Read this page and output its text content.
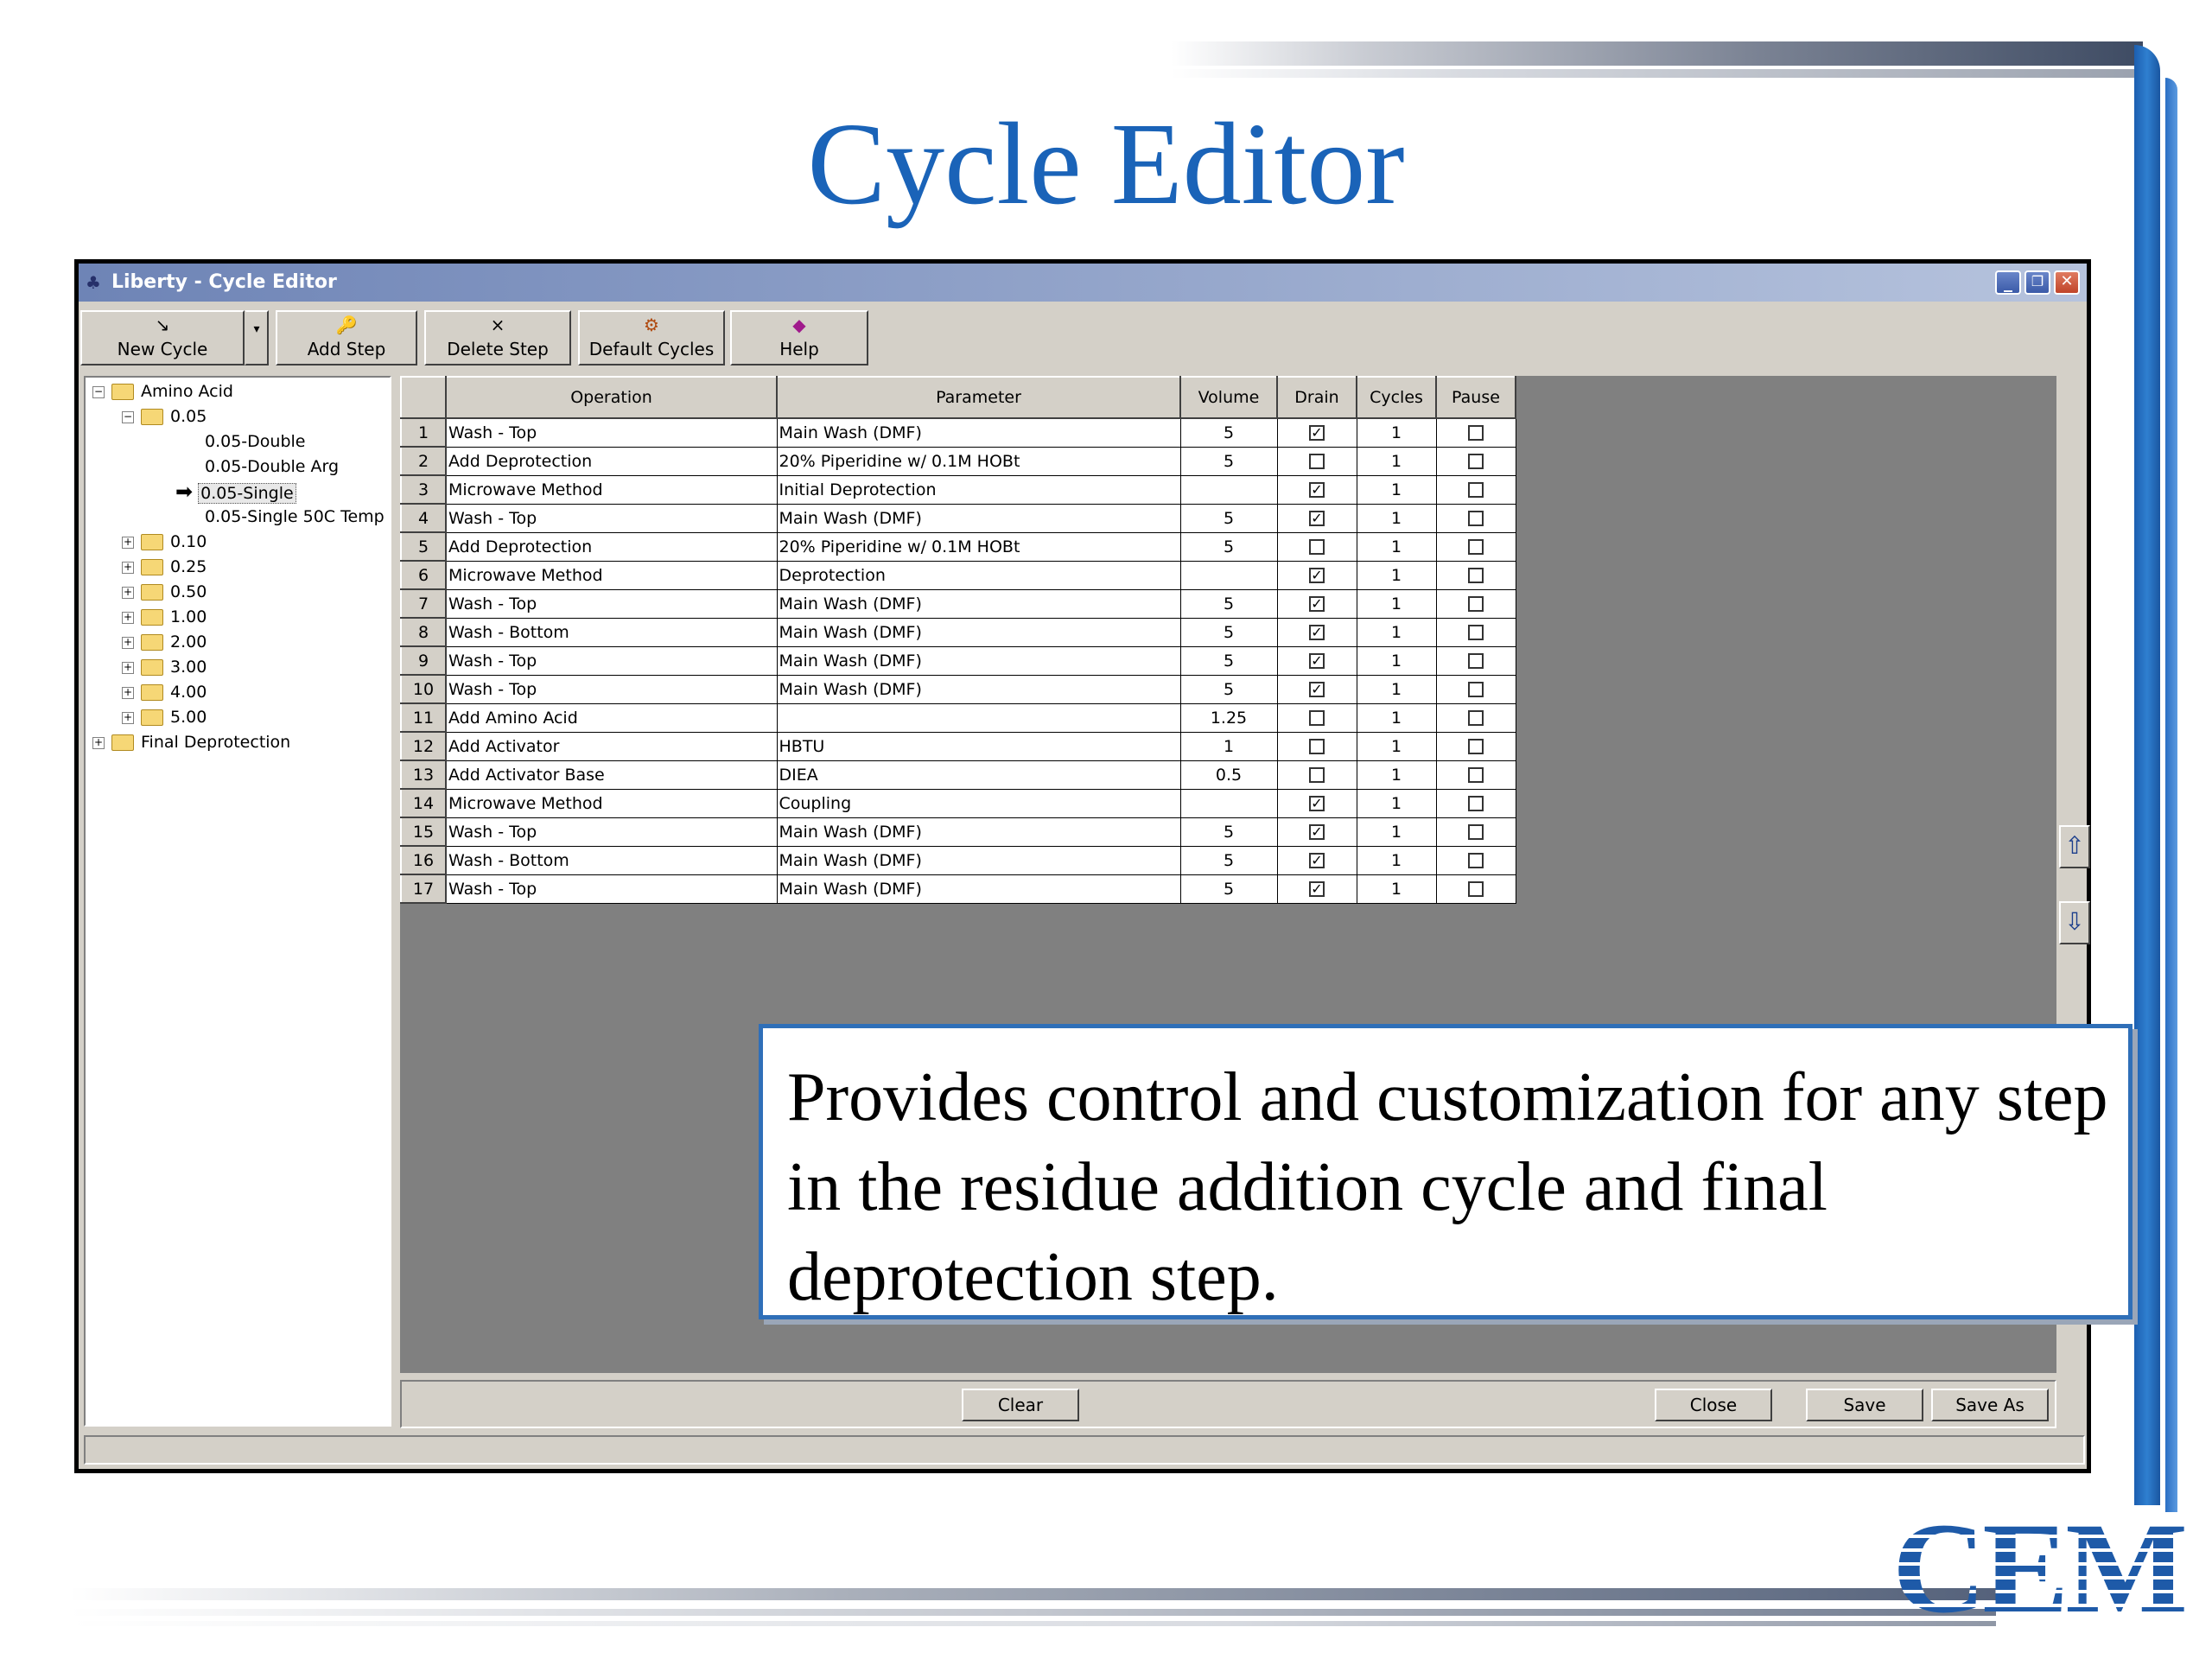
Cycle Editor
♣ Liberty - Cycle Editor	_	❐	✕
↘
New Cycle
▾	🔑
Add Step
×
Delete Step
⚙
Default Cycles
◆
Help
− Amino Acid
− 0.05
0.05-Double
0.05-Double Arg
➡ 0.05-Single
0.05-Single 50C Temp
+ 0.10
+ 0.25
+ 0.50
+ 1.00
+ 2.00
+ 3.00
+ 4.00
+ 5.00
+ Final Deprotection
	Operation	Parameter	Volume	Drain	Cycles	Pause
1	Wash - Top	Main Wash (DMF)	5	✓	1	
2	Add Deprotection	20% Piperidine w/ 0.1M HOBt	5		1	
3	Microwave Method	Initial Deprotection		✓	1	
4	Wash - Top	Main Wash (DMF)	5	✓	1	
5	Add Deprotection	20% Piperidine w/ 0.1M HOBt	5		1	
6	Microwave Method	Deprotection		✓	1	
7	Wash - Top	Main Wash (DMF)	5	✓	1	
8	Wash - Bottom	Main Wash (DMF)	5	✓	1	
9	Wash - Top	Main Wash (DMF)	5	✓	1	
10	Wash - Top	Main Wash (DMF)	5	✓	1	
11	Add Amino Acid		1.25		1	
12	Add Activator	HBTU	1		1	
13	Add Activator Base	DIEA	0.5		1	
14	Microwave Method	Coupling		✓	1	
15	Wash - Top	Main Wash (DMF)	5	✓	1	
16	Wash - Bottom	Main Wash (DMF)	5	✓	1	
17	Wash - Top	Main Wash (DMF)	5	✓	1	
⇧
⇩
Clear	Close	Save	Save As
Provides control and customization for any step in the residue addition cycle and final deprotection step.
CEM
